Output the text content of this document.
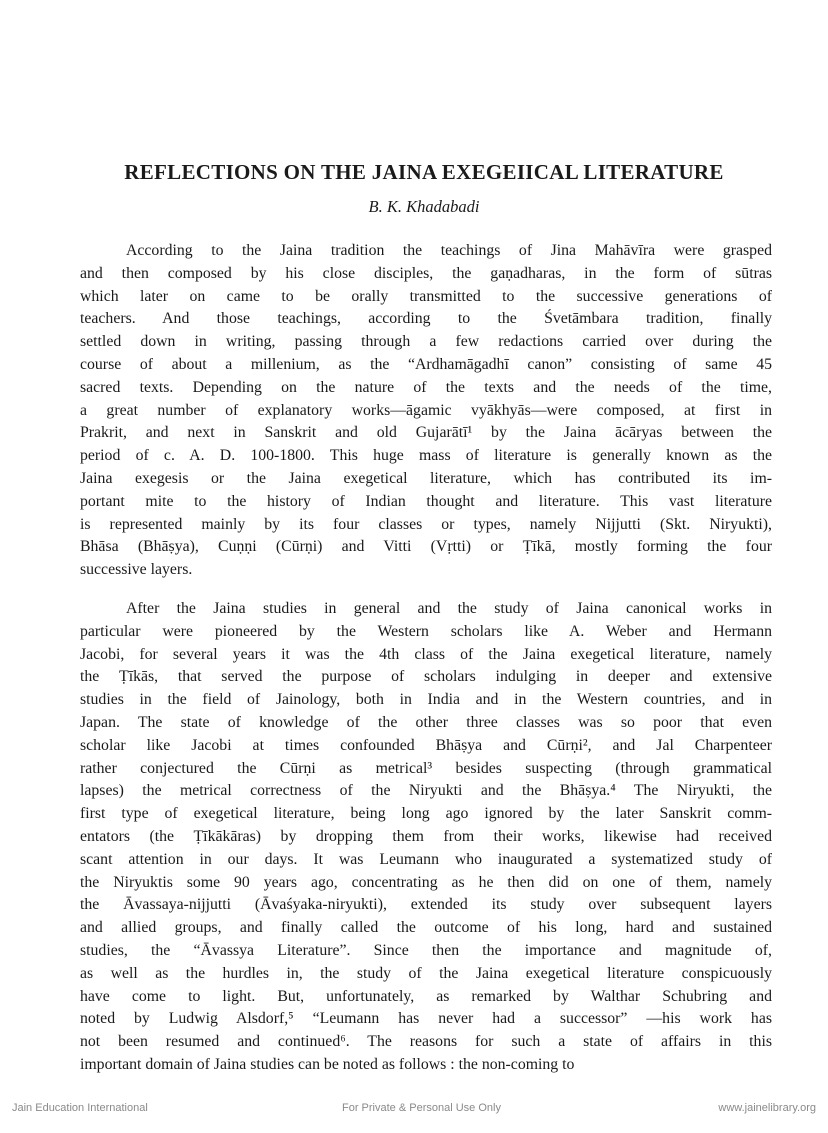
REFLECTIONS ON THE JAINA EXEGEIICAL LITERATURE
B. K. Khadabadi
According to the Jaina tradition the teachings of Jina Mahāvīra were grasped
and then composed by his close disciples, the gaṇadharas, in the form of sūtras
which later on came to be orally transmitted to the successive generations of
teachers. And those teachings, according to the Śvetāmbara tradition, finally
settled down in writing, passing through a few redactions carried over during the
course of about a millenium, as the “Ardhamāgadhī canon” consisting of same 45
sacred texts. Depending on the nature of the texts and the needs of the time,
a great number of explanatory works—āgamic vyākhyās—were composed, at first in
Prakrit, and next in Sanskrit and old Gujarātī¹ by the Jaina ācāryas between the
period of c. A. D. 100-1800. This huge mass of literature is generally known as the
Jaina exegesis or the Jaina exegetical literature, which has contributed its im-
portant mite to the history of Indian thought and literature. This vast literature
is represented mainly by its four classes or types, namely Nijjutti (Skt. Niryukti),
Bhāsa (Bhāṣya), Cuṇṇi (Cūrṇi) and Vitti (Vṛtti) or Ṭīkā, mostly forming the four
successive layers.
After the Jaina studies in general and the study of Jaina canonical works in
particular were pioneered by the Western scholars like A. Weber and Hermann
Jacobi, for several years it was the 4th class of the Jaina exegetical literature, namely
the Ṭīkās, that served the purpose of scholars indulging in deeper and extensive
studies in the field of Jainology, both in India and in the Western countries, and in
Japan. The state of knowledge of the other three classes was so poor that even
scholar like Jacobi at times confounded Bhāṣya and Cūrṇi², and Jal Charpenteer
rather conjectured the Cūrṇi as metrical³ besides suspecting (through grammatical
lapses) the metrical correctness of the Niryukti and the Bhāṣya.⁴ The Niryukti, the
first type of exegetical literature, being long ago ignored by the later Sanskrit comm-
entators (the Ṭīkākāras) by dropping them from their works, likewise had received
scant attention in our days. It was Leumann who inaugurated a systematized study of
the Niryuktis some 90 years ago, concentrating as he then did on one of them, namely
the Āvassaya-nijjutti (Āvaśyaka-niryukti), extended its study over subsequent layers
and allied groups, and finally called the outcome of his long, hard and sustained
studies, the “Āvassya Literature”. Since then the importance and magnitude of,
as well as the hurdles in, the study of the Jaina exegetical literature conspicuously
have come to light. But, unfortunately, as remarked by Walthar Schubring and
noted by Ludwig Alsdorf,⁵ “Leumann has never had a successor” —his work has
not been resumed and continued⁶. The reasons for such a state of affairs in this
important domain of Jaina studies can be noted as follows : the non-coming to
Jain Education International	For Private & Personal Use Only	www.jainelibrary.org
